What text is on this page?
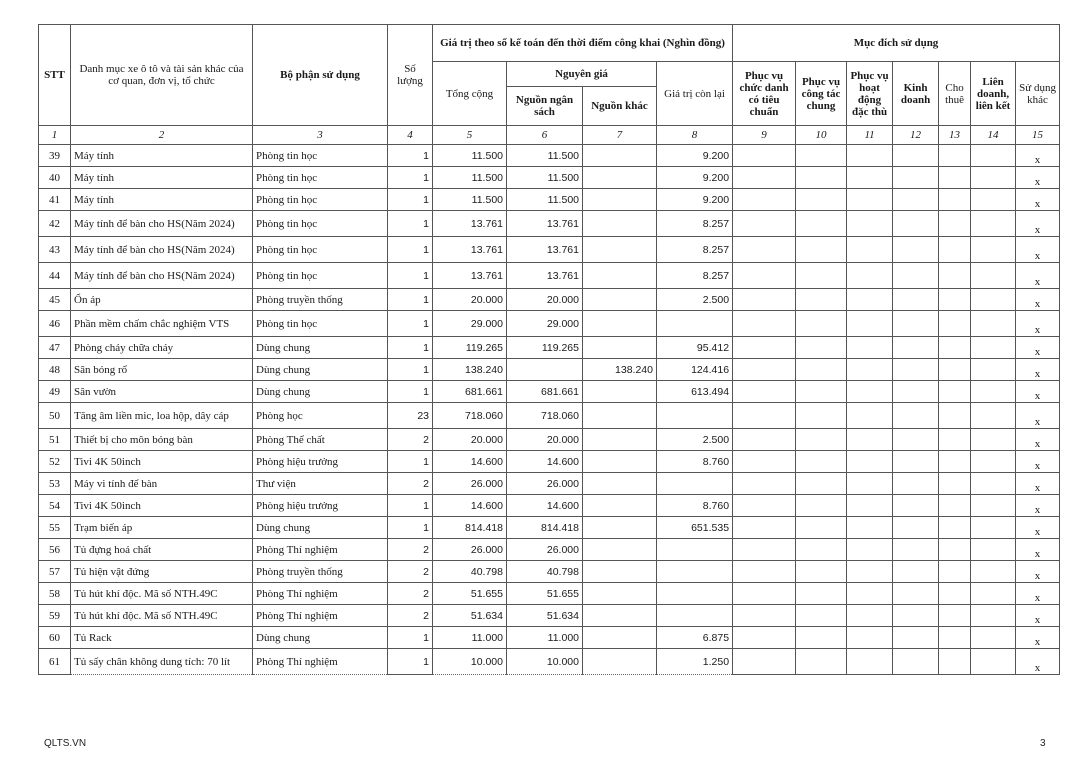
STT	Danh mục xe ô tô và tài sản khác của cơ quan, đơn vị, tổ chức	Bộ phận sử dụng	Số lượng	Giá trị theo sổ kế toán đến thời điểm công khai (Nghìn đồng)				Mục đích sử dụng						
				Tổng cộng	Nguyên giá		Giá trị còn lại	Phục vụ chức danh có tiêu chuẩn	Phục vụ công tác chung	Phục vụ hoạt động đặc thù	Kinh doanh	Cho thuê	Liên doanh, liên kết	Sử dụng khác
					Nguồn ngân sách	Nguồn khác								
1	2	3	4	5	6	7	8	9	10	11	12	13	14	15
39	Máy tính	Phòng tin học	1	11.500	11.500		9.200							x
40	Máy tính	Phòng tin học	1	11.500	11.500		9.200							x
41	Máy tính	Phòng tin học	1	11.500	11.500		9.200							x
42	Máy tính để bàn cho HS(Năm 2024)	Phòng tin học	1	13.761	13.761		8.257							x
43	Máy tính để bàn cho HS(Năm 2024)	Phòng tin học	1	13.761	13.761		8.257							x
44	Máy tính để bàn cho HS(Năm 2024)	Phòng tin học	1	13.761	13.761		8.257							x
45	Ổn áp	Phòng truyền thống	1	20.000	20.000		2.500							x
46	Phần mềm chấm chắc nghiệm VTS	Phòng tin học	1	29.000	29.000									x
47	Phòng cháy chữa cháy	Dùng chung	1	119.265	119.265		95.412							x
48	Sân bóng rổ	Dùng chung	1	138.240		138.240	124.416							x
49	Sân vườn	Dùng chung	1	681.661	681.661		613.494							x
50	Tăng âm liền mic, loa hộp, dây cáp	Phòng học	23	718.060	718.060									x
51	Thiết bị cho môn bóng bàn	Phòng Thể chất	2	20.000	20.000		2.500							x
52	Tivi 4K 50inch	Phòng hiệu trưởng	1	14.600	14.600		8.760							x
53	Máy vi tính để bàn	Thư viện	2	26.000	26.000									x
54	Tivi 4K 50inch	Phòng hiệu trưởng	1	14.600	14.600		8.760							x
55	Trạm biến áp	Dùng chung	1	814.418	814.418		651.535							x
56	Tủ đựng hoá chất	Phòng Thí nghiệm	2	26.000	26.000									x
57	Tủ hiện vật đứng	Phòng truyền thống	2	40.798	40.798									x
58	Tủ hút khí độc. Mã số NTH.49C	Phòng Thí nghiệm	2	51.655	51.655									x
59	Tủ hút khí độc. Mã số NTH.49C	Phòng Thí nghiệm	2	51.634	51.634									x
60	Tủ Rack	Dùng chung	1	11.000	11.000		6.875							x
61	Tủ sấy chân không dung tích: 70 lít	Phòng Thí nghiệm	1	10.000	10.000		1.250							x
QLTS.VN	3
